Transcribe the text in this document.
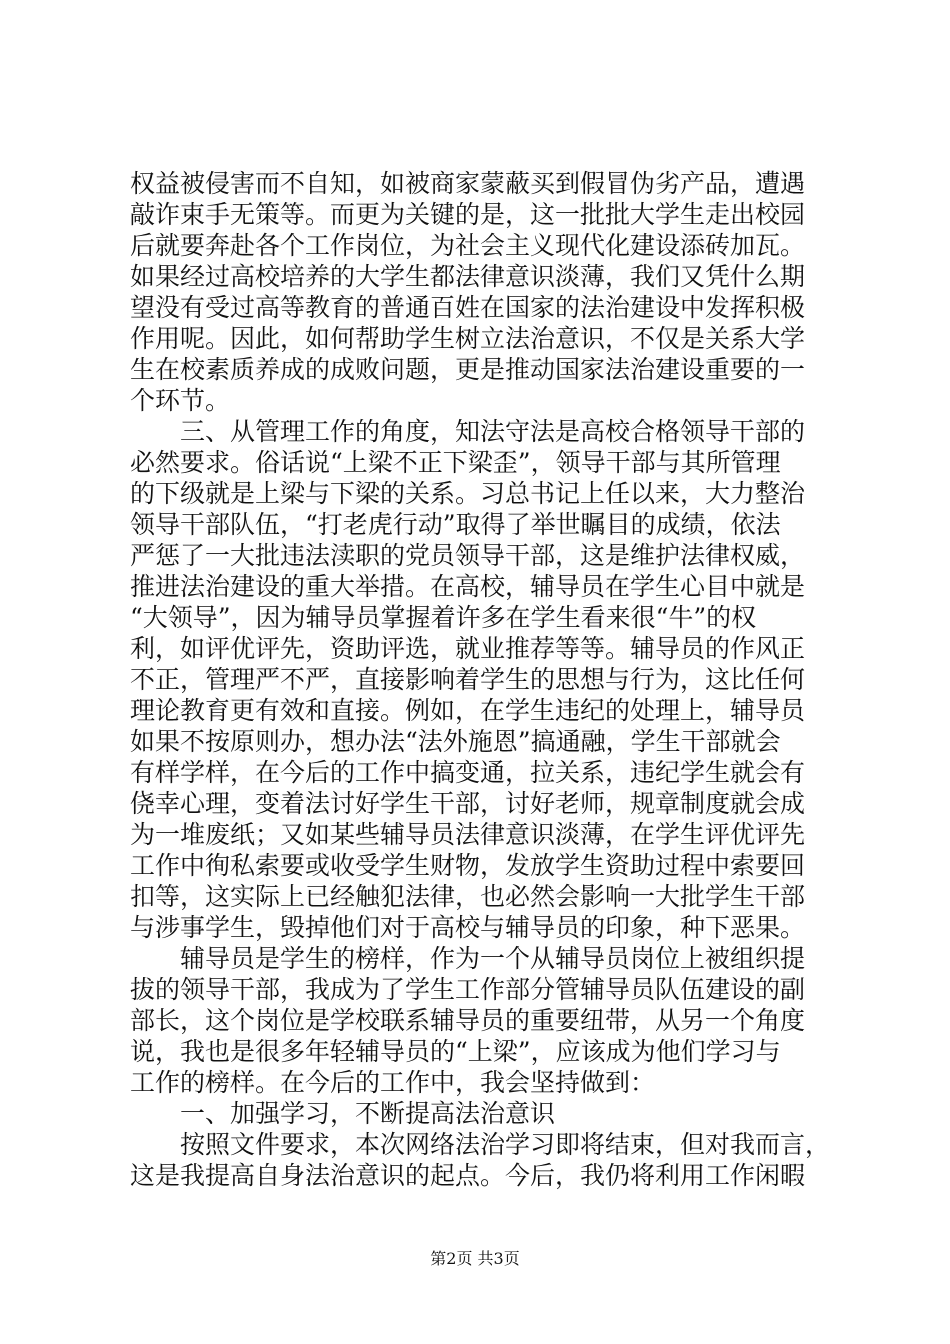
权益被侵害而不自知，如被商家蒙蔽买到假冒伪劣产品，遭遇
敲诈束手无策等。而更为关键的是，这一批批大学生走出校园
后就要奔赴各个工作岗位，为社会主义现代化建设添砖加瓦。
如果经过高校培养的大学生都法律意识淡薄，我们又凭什么期
望没有受过高等教育的普通百姓在国家的法治建设中发挥积极
作用呢。因此，如何帮助学生树立法治意识，不仅是关系大学
生在校素质养成的成败问题，更是推动国家法治建设重要的一
个环节。
　　三、从管理工作的角度，知法守法是高校合格领导干部的
必然要求。俗话说“上梁不正下梁歪”，领导干部与其所管理
的下级就是上梁与下梁的关系。习总书记上任以来，大力整治
领导干部队伍，“打老虎行动”取得了举世瞩目的成绩，依法
严惩了一大批违法渎职的党员领导干部，这是维护法律权威，
推进法治建设的重大举措。在高校，辅导员在学生心目中就是
“大领导”，因为辅导员掌握着许多在学生看来很“牛”的权
利，如评优评先，资助评选，就业推荐等等。辅导员的作风正
不正，管理严不严，直接影响着学生的思想与行为，这比任何
理论教育更有效和直接。例如，在学生违纪的处理上，辅导员
如果不按原则办，想办法“法外施恩”搞通融，学生干部就会
有样学样，在今后的工作中搞变通，拉关系，违纪学生就会有
侥幸心理，变着法讨好学生干部，讨好老师，规章制度就会成
为一堆废纸；又如某些辅导员法律意识淡薄，在学生评优评先
工作中徇私索要或收受学生财物，发放学生资助过程中索要回
扣等，这实际上已经触犯法律，也必然会影响一大批学生干部
与涉事学生，毁掉他们对于高校与辅导员的印象，种下恶果。
　　辅导员是学生的榜样，作为一个从辅导员岗位上被组织提
拔的领导干部，我成为了学生工作部分管辅导员队伍建设的副
部长，这个岗位是学校联系辅导员的重要纽带，从另一个角度
说，我也是很多年轻辅导员的“上梁”，应该成为他们学习与
工作的榜样。在今后的工作中，我会坚持做到：
　　一、加强学习，不断提高法治意识
　　按照文件要求，本次网络法治学习即将结束，但对我而言，
这是我提高自身法治意识的起点。今后，我仍将利用工作闲暇
第2页 共3页
